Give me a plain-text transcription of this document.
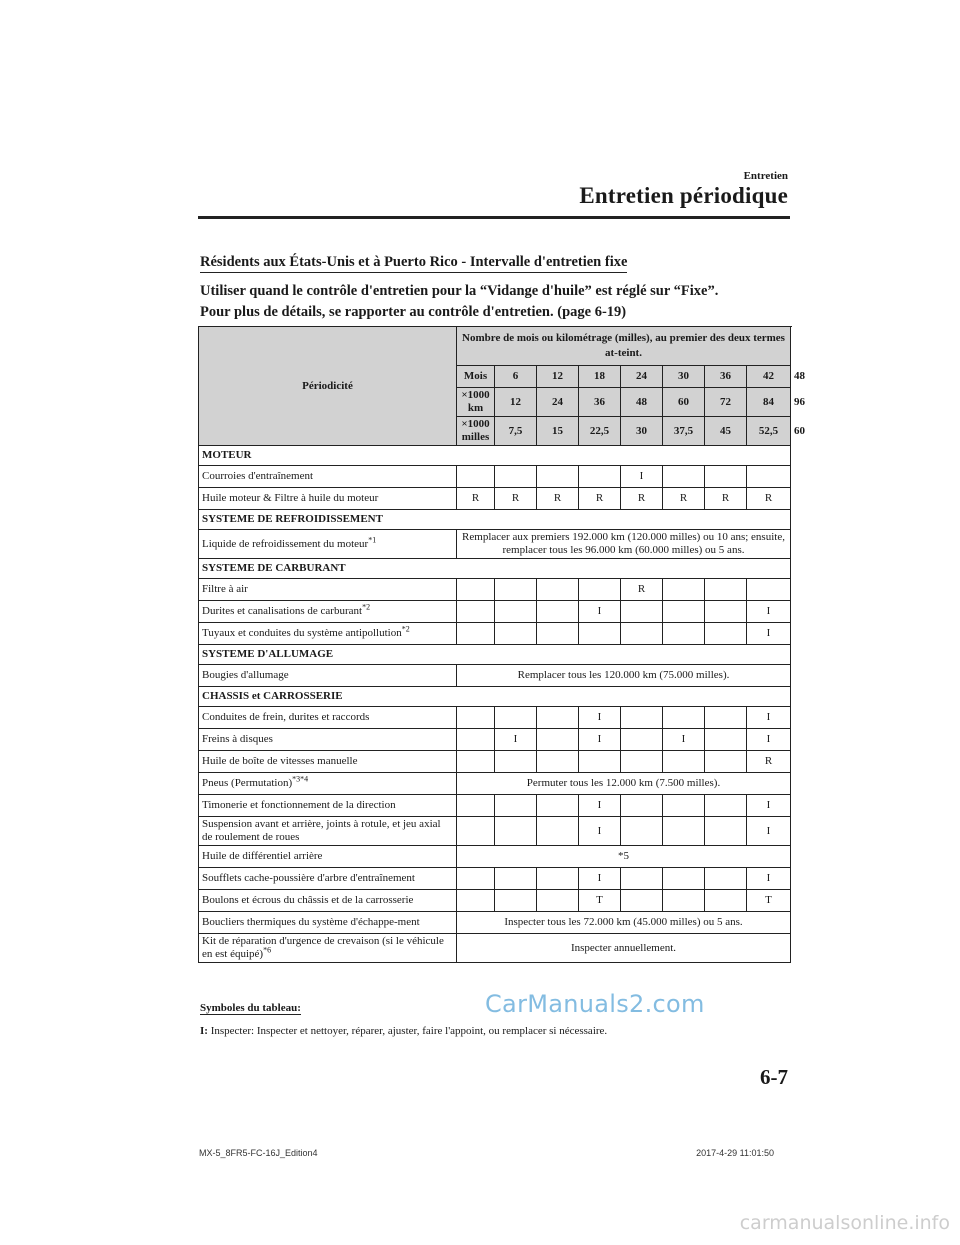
Entretien
Entretien périodique
Résidents aux États-Unis et à Puerto Rico - Intervalle d'entretien fixe
Utiliser quand le contrôle d'entretien pour la “Vidange d'huile” est réglé sur “Fixe”.
Pour plus de détails, se rapporter au contrôle d'entretien. (page 6-19)
Périodicité	Nombre de mois ou kilométrage (milles), au premier des deux termes at-teint.								
	Mois	6	12	18	24	30	36	42	48
	×1000 km	12	24	36	48	60	72	84	96
	×1000 milles	7,5	15	22,5	30	37,5	45	52,5	60
MOTEUR									
Courroies d'entraînement					I				
Huile moteur & Filtre à huile du moteur	R	R	R	R	R	R	R	R	
SYSTEME DE REFROIDISSEMENT									
Liquide de refroidissement du moteur$^{*1}$	Remplacer aux premiers 192.000 km (120.000 milles) ou 10 ans; ensuite, remplacer tous les 96.000 km (60.000 milles) ou 5 ans.								
SYSTEME DE CARBURANT									
Filtre à air					R				
Durites et canalisations de carburant$^{*2}$				I				I	
Tuyaux et conduites du système antipollution$^{*2}$								I	
SYSTEME D'ALLUMAGE									
Bougies d'allumage	Remplacer tous les 120.000 km (75.000 milles).								
CHASSIS et CARROSSERIE									
Conduites de frein, durites et raccords				I				I	
Freins à disques		I		I		I		I	
Huile de boîte de vitesses manuelle								R	
Pneus (Permutation)$^{*3*4}$	Permuter tous les 12.000 km (7.500 milles).								
Timonerie et fonctionnement de la direction				I				I	
Suspension avant et arrière, joints à rotule, et jeu axial de roulement de roues				I				I	
Huile de différentiel arrière	*5								
Soufflets cache-poussière d'arbre d'entraînement				I				I	
Boulons et écrous du châssis et de la carrosserie				T				T	
Boucliers thermiques du système d'échappe-ment	Inspecter tous les 72.000 km (45.000 milles) ou 5 ans.								
Kit de réparation d'urgence de crevaison (si le véhicule en est équipé)$^{*6}$	Inspecter annuellement.								
Symboles du tableau:	CarManuals2.com
I: Inspecter: Inspecter et nettoyer, réparer, ajuster, faire l'appoint, ou remplacer si nécessaire.
6-7
MX-5_8FR5-FC-16J_Edition4	2017-4-29 11:01:50
carmanualsonline.info
